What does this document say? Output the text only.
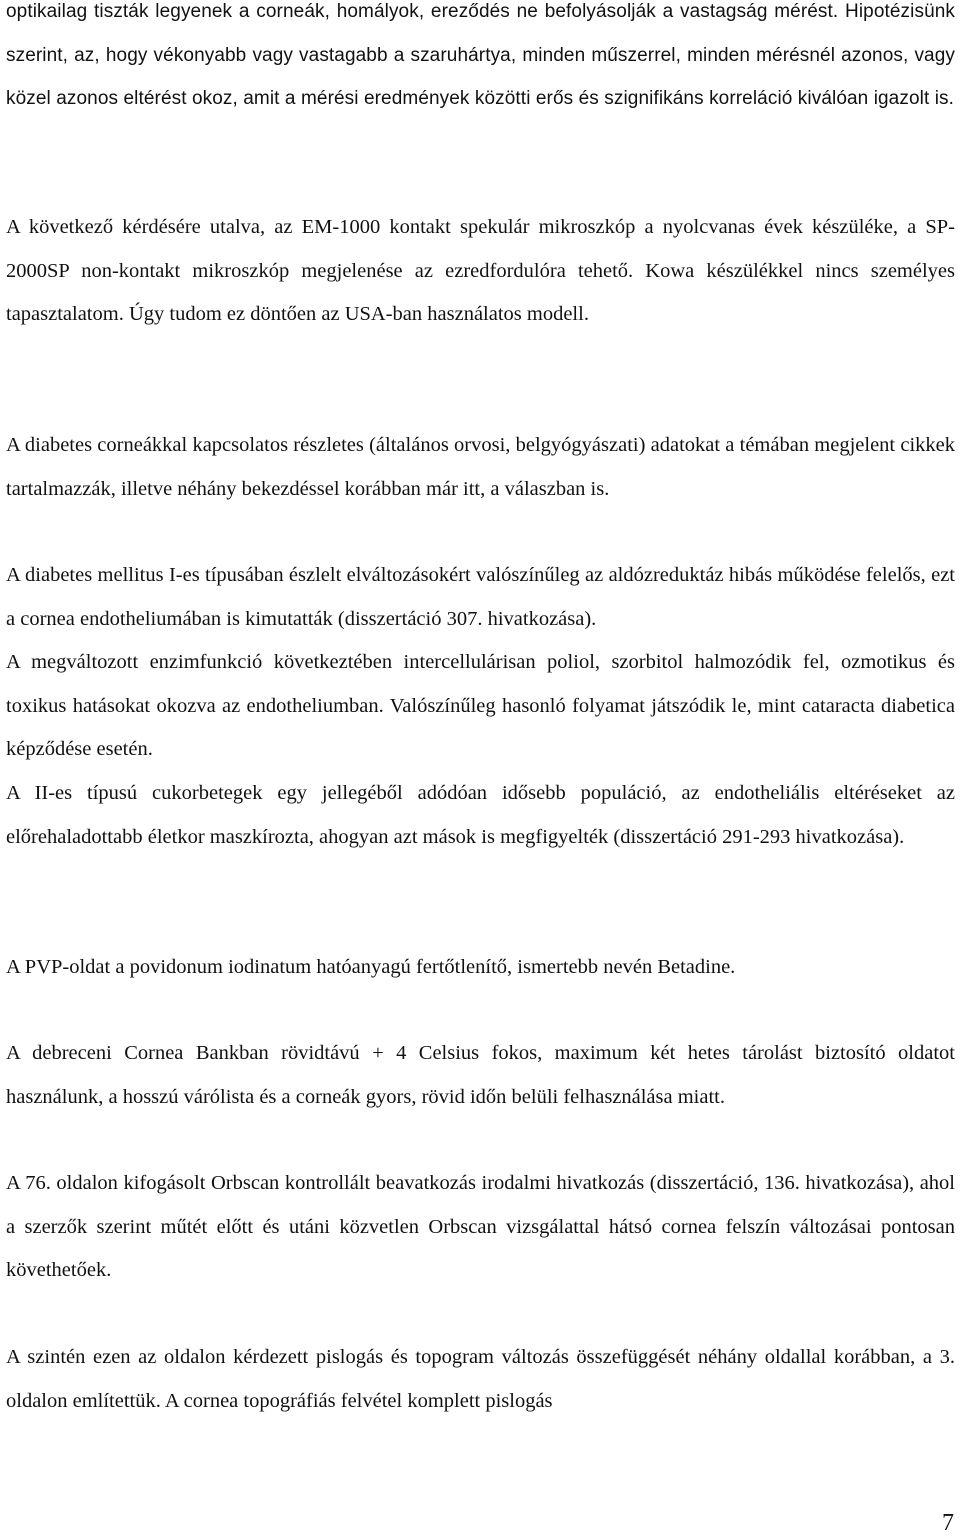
optikailag tiszták legyenek a corneák, homályok, ereződés ne befolyásolják a vastagság mérést. Hipotézisünk szerint, az, hogy vékonyabb vagy vastagabb a szaruhártya, minden műszerrel, minden mérésnél azonos, vagy közel azonos eltérést okoz, amit a mérési eredmények közötti erős és szignifikáns korreláció kiválóan igazolt is.

A következő kérdésére utalva, az EM-1000 kontakt spekulár mikroszkóp a nyolcvanas évek készüléke, a SP-2000SP non-kontakt mikroszkóp megjelenése az ezredfordulóra tehető. Kowa készülékkel nincs személyes tapasztalatom. Úgy tudom ez döntően az USA-ban használatos modell.

A diabetes corneákkal kapcsolatos részletes (általános orvosi, belgyógyászati) adatokat a témában megjelent cikkek tartalmazzák, illetve néhány bekezdéssel korábban már itt, a válaszban is.

A diabetes mellitus I-es típusában észlelt elváltozásokért valószínűleg az aldózreduktáz hibás működése felelős, ezt a cornea endotheliumában is kimutatták (disszertáció 307. hivatkozása).

A megváltozott enzimfunkció következtében intercellulárisan poliol, szorbitol halmozódik fel, ozmotikus és toxikus hatásokat okozva az endotheliumban. Valószínűleg hasonló folyamat játszódik le, mint cataracta diabetica képződése esetén.

A II-es típusú cukorbetegek egy jellegéből adódóan idősebb populáció, az endotheliális eltéréseket az előrehaladottabb életkor maszkírozta, ahogyan azt mások is megfigyelték (disszertáció 291-293 hivatkozása).

A PVP-oldat a povidonum iodinatum hatóanyagú fertőtlenítő, ismertebb nevén Betadine.

A debreceni Cornea Bankban rövidtávú + 4 Celsius fokos, maximum két hetes tárolást biztosító oldatot használunk, a hosszú várólista és a corneák gyors, rövid időn belüli felhasználása miatt.

A 76. oldalon kifogásolt Orbscan kontrollált beavatkozás irodalmi hivatkozás (disszertáció, 136. hivatkozása), ahol a szerzők szerint műtét előtt és utáni közvetlen Orbscan vizsgálattal hátsó cornea felszín változásai pontosan követhetőek.

A szintén ezen az oldalon kérdezett pislogás és topogram változás összefüggését néhány oldallal korábban, a 3. oldalon említettük. A cornea topográfiás felvétel komplett pislogás

7
